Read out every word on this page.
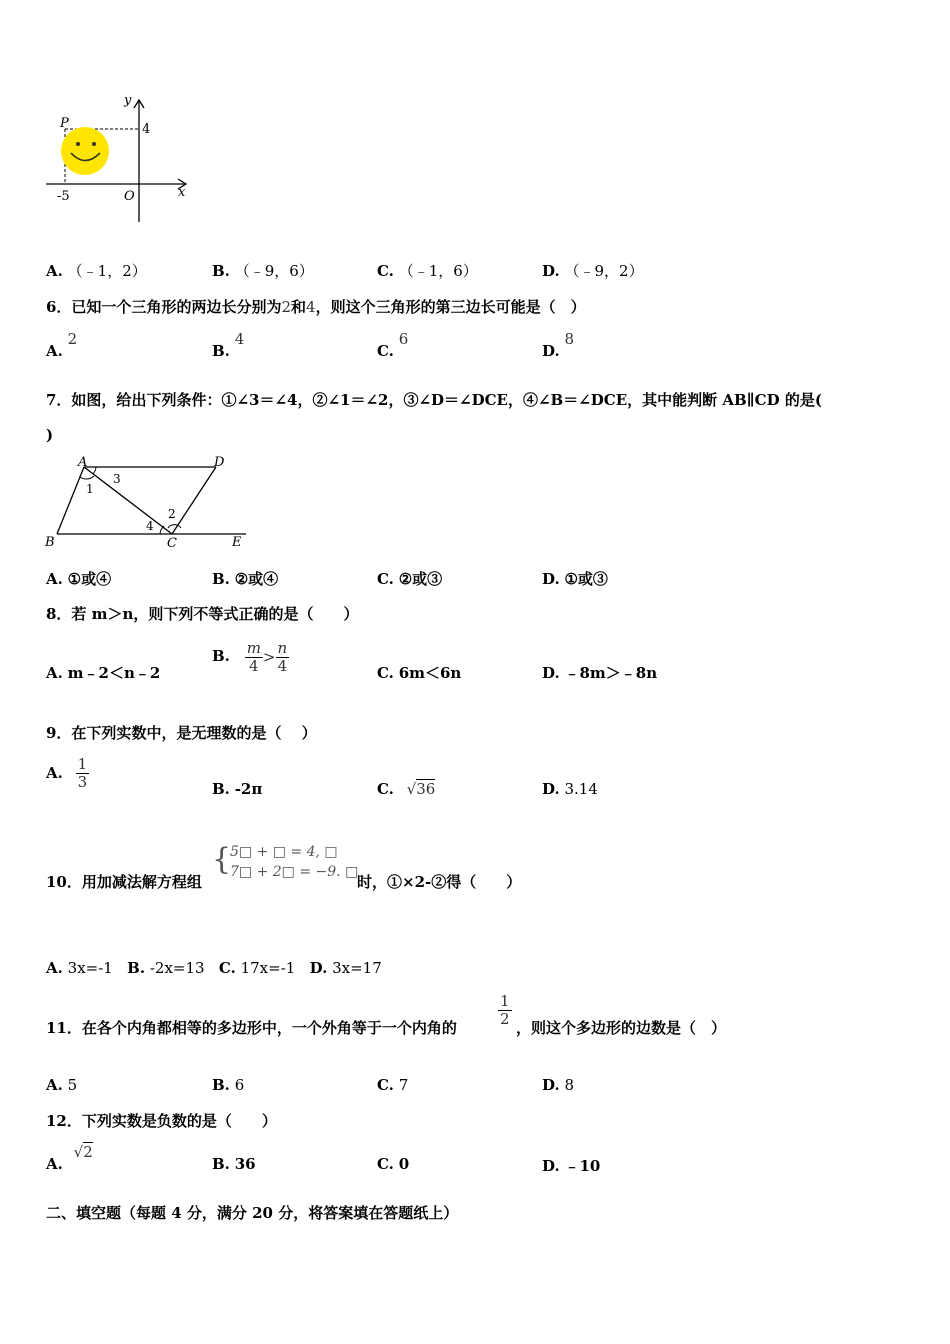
y
P	4
-5	O	x
A. （﹣1，2）	B. （﹣9，6）	C. （﹣1，6）	D. （﹣9，2）
6．已知一个三角形的两边长分别为2和4，则这个三角形的第三边长可能是（　）
A. 2
B. 4
C. 6
D. 8
7．如图，给出下列条件：①∠3＝∠4，②∠1＝∠2，③∠D＝∠DCE，④∠B＝∠DCE，其中能判断 AB∥CD 的是(
)
A	D
B	C	E
1
3
4
2
A. ①或④	B. ②或④	C. ②或③	D. ①或③
8．若 m＞n，则下列不等式正确的是（　　）
A. m﹣2＜n﹣2
B. $\frac{m}{4} > \frac{n}{4}$	C. 6m＜6n	D. ﹣8m＞﹣8n
9．在下列实数中，是无理数的是（　 ）
A. $\frac{1}{3}$	B. -2π	C. √36	D. 3.14
10．用加减法解方程组
{
5□ + □ = 4, □
7□ + 2□ = −9. □
时，①×2-②得（　　）
A. 3x=-1 B. -2x=13 C. 17x=-1 D. 3x=17
11．在各个内角都相等的多边形中，一个外角等于一个内角的
$\frac{1}{2}$
，则这个多边形的边数是（　）
A. 5	B. 6	C. 7	D. 8
12．下列实数是负数的是（　　）
A. √2
B. 36	C. 0	D. ﹣10
二、填空题（每题 4 分，满分 20 分，将答案填在答题纸上）
